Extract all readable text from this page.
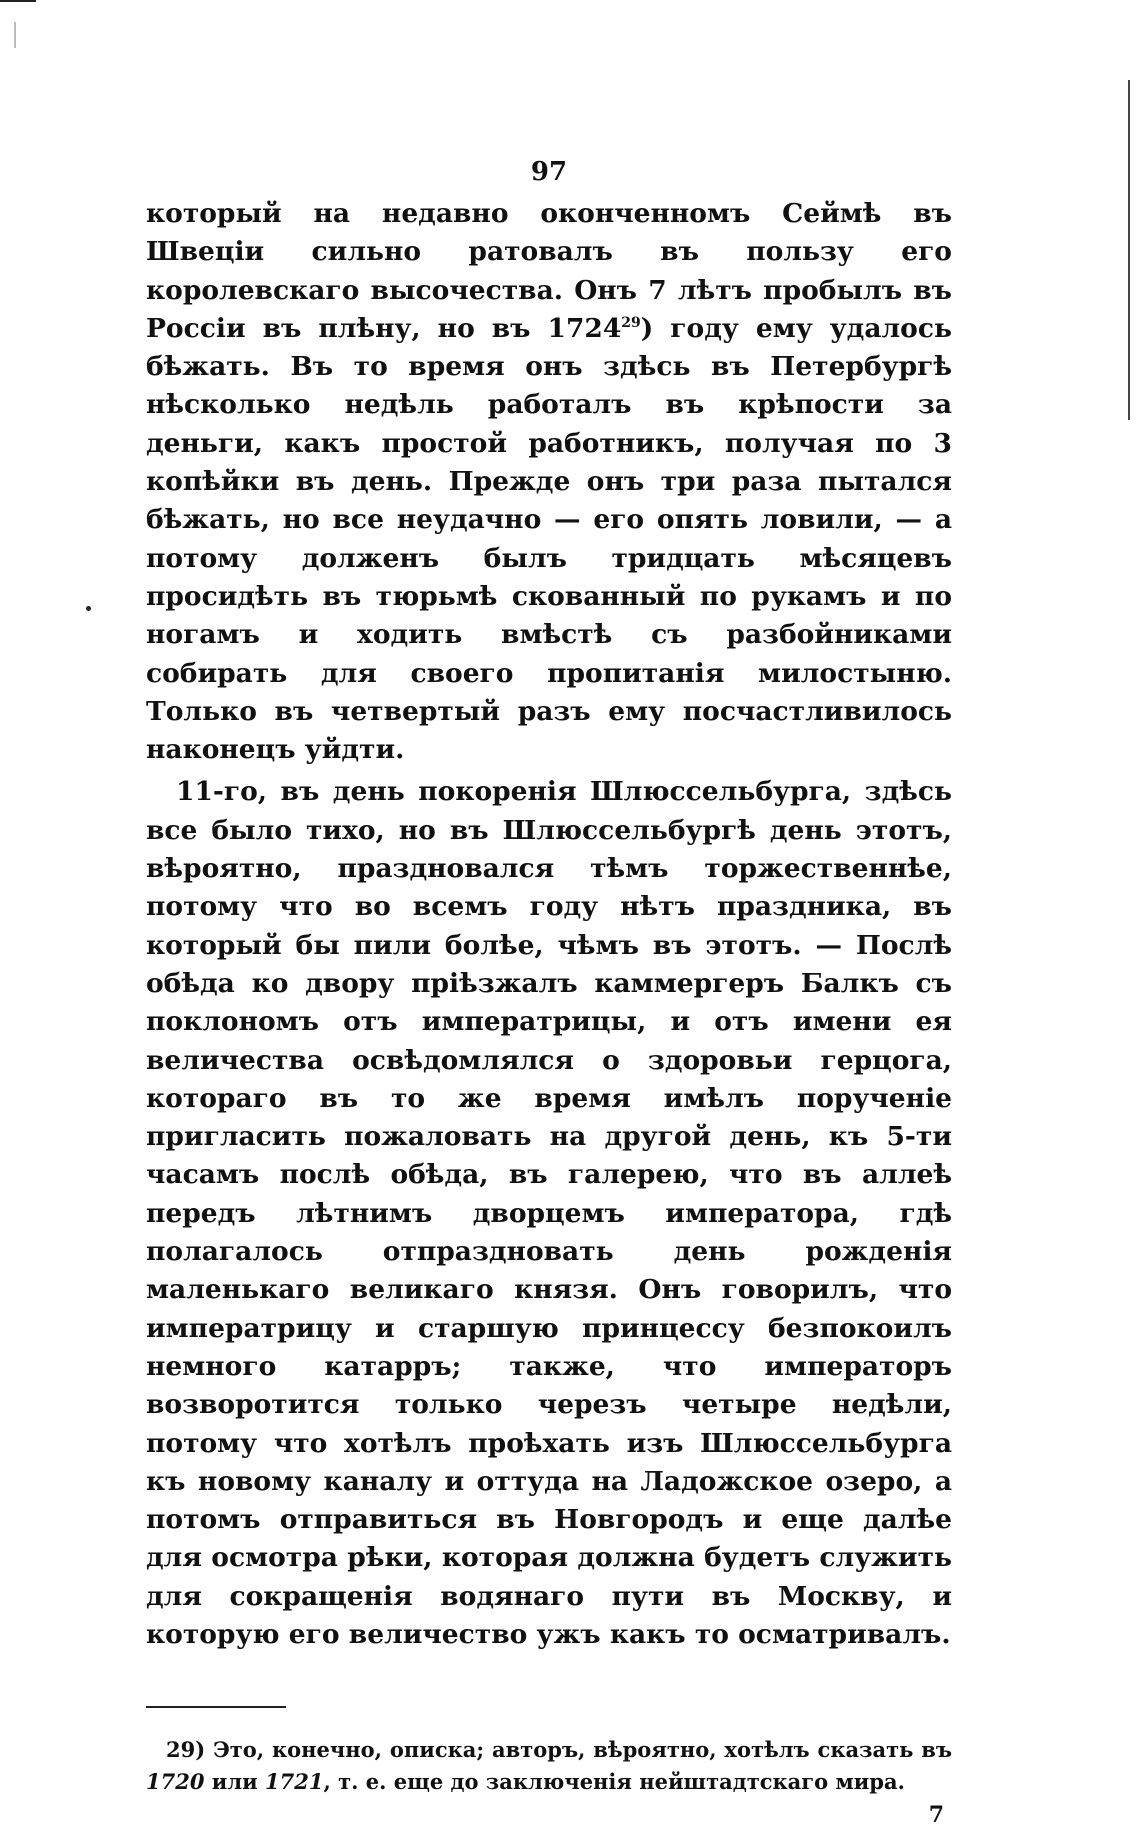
97

который на недавно оконченномъ Сеймѣ въ Швеціи сильно ратовалъ въ пользу его королевскаго высочества. Онъ 7 лѣтъ пробылъ въ Россіи въ плѣну, но въ 1724$^{29}$) году ему удалось бѣжать. Въ то время онъ здѣсь въ Петербургѣ нѣсколько недѣль работалъ въ крѣпости за деньги, какъ простой работникъ, получая по 3 копѣйки въ день. Прежде онъ три раза пытался бѣжать, но все неудачно — его опять ловили, — а потому долженъ былъ тридцать мѣсяцевъ просидѣть въ тюрьмѣ скованный по рукамъ и по ногамъ и ходить вмѣстѣ съ разбойниками собирать для своего пропитанія милостыню. Только въ четвертый разъ ему посчастливилось наконецъ уйдти.

11-го, въ день покоренія Шлюссельбурга, здѣсь все было тихо, но въ Шлюссельбургѣ день этотъ, вѣроятно, праздновался тѣмъ торжественнѣе, потому что во всемъ году нѣтъ праздника, въ который бы пили болѣе, чѣмъ въ этотъ. — Послѣ обѣда ко двору пріѣзжалъ каммергеръ Балкъ съ поклономъ отъ императрицы, и отъ имени ея величества освѣдомлялся о здоровьи герцога, котораго въ то же время имѣлъ порученіе пригласить пожаловать на другой день, къ 5-ти часамъ послѣ обѣда, въ галерею, что въ аллеѣ передъ лѣтнимъ дворцемъ императора, гдѣ полагалось отпраздновать день рожденія маленькаго великаго князя. Онъ говорилъ, что императрицу и старшую принцессу безпокоилъ немного катарръ; также, что императоръ возворотится только черезъ четыре недѣли, потому что хотѣлъ проѣхать изъ Шлюссельбурга къ новому каналу и оттуда на Ладожское озеро, а потомъ отправиться въ Новгородъ и еще далѣе для осмотра рѣки, которая должна будетъ служить для сокращенія водянаго пути въ Москву, и которую его величество ужъ какъ то осматривалъ.

29) Это, конечно, описка; авторъ, вѣроятно, хотѣлъ сказать въ 1720 или 1721, т. е. еще до заключенія нейштадтскаго мира.
7
